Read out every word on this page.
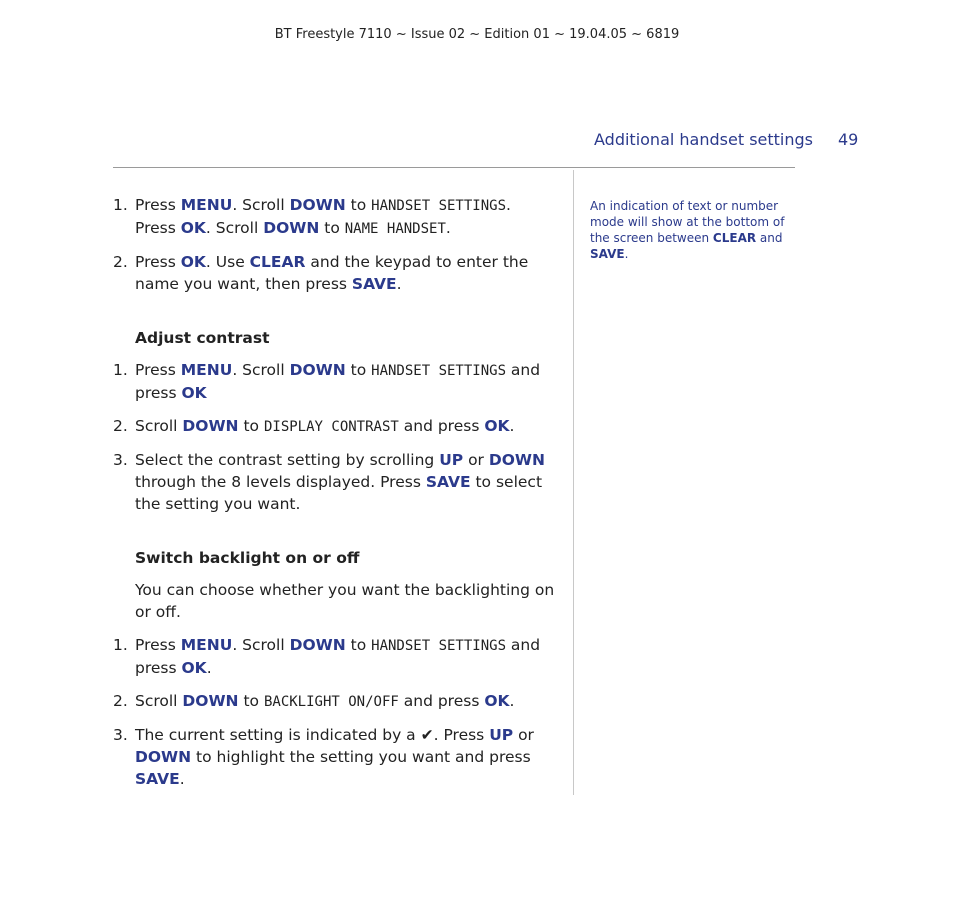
BT Freestyle 7110 ~ Issue 02 ~ Edition 01 ~ 19.04.05 ~ 6819
Additional handset settings 49
An indication of text or number mode will show at the bottom of the screen between CLEAR and SAVE.
1. Press MENU. Scroll DOWN to HANDSET SETTINGS.
Press OK. Scroll DOWN to NAME HANDSET.
2. Press OK. Use CLEAR and the keypad to enter the name you want, then press SAVE.
Adjust contrast
1. Press MENU. Scroll DOWN to HANDSET SETTINGS and press OK
2. Scroll DOWN to DISPLAY CONTRAST and press OK.
3. Select the contrast setting by scrolling UP or DOWN through the 8 levels displayed. Press SAVE to select the setting you want.
Switch backlight on or off

You can choose whether you want the backlighting on or off.

1. Press MENU. Scroll DOWN to HANDSET SETTINGS and press OK.
2. Scroll DOWN to BACKLIGHT ON/OFF and press OK.
3. The current setting is indicated by a ✔. Press UP or DOWN to highlight the setting you want and press SAVE.
